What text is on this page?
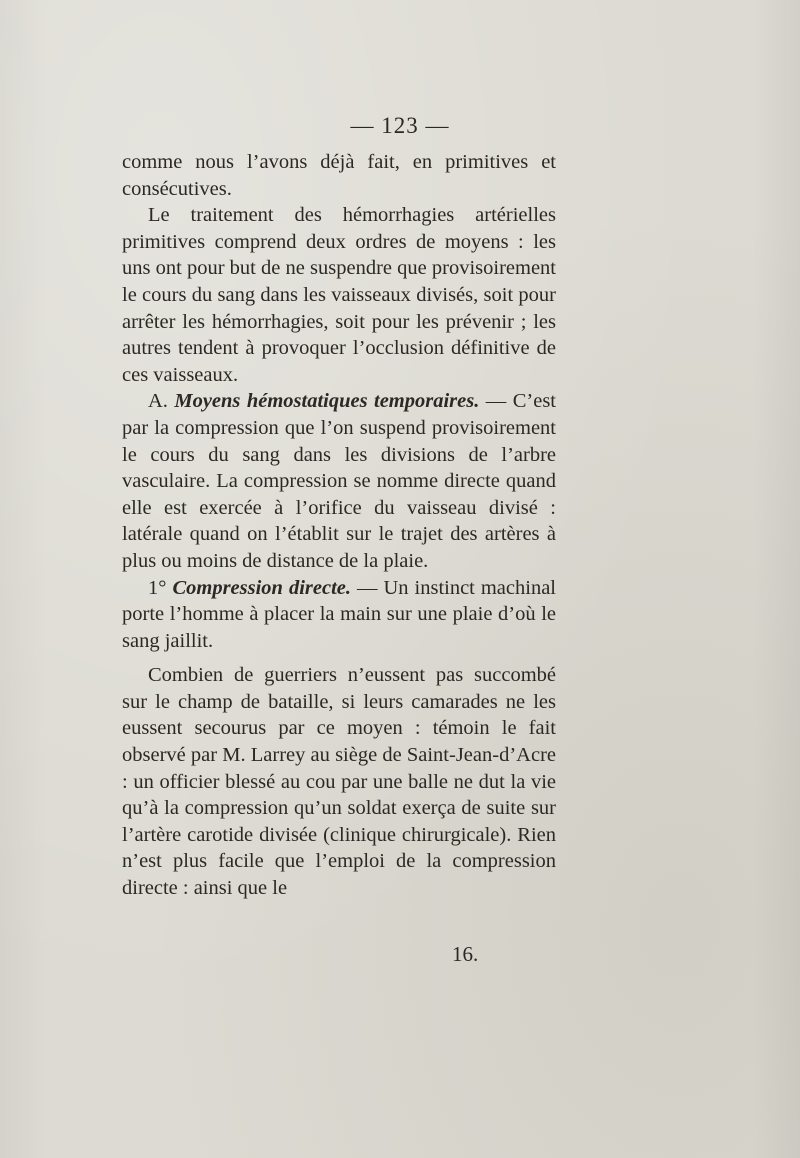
— 123 —

comme nous l’avons déjà fait, en primitives et consécutives.

Le traitement des hémorrhagies artérielles primitives comprend deux ordres de moyens : les uns ont pour but de ne suspendre que provisoirement le cours du sang dans les vaisseaux divisés, soit pour arrêter les hémorrhagies, soit pour les prévenir ; les autres tendent à provoquer l’occlusion définitive de ces vaisseaux.

A. Moyens hémostatiques temporaires. — C’est par la compression que l’on suspend provisoirement le cours du sang dans les divisions de l’arbre vasculaire. La compression se nomme directe quand elle est exercée à l’orifice du vaisseau divisé : latérale quand on l’établit sur le trajet des artères à plus ou moins de distance de la plaie.

1° Compression directe. — Un instinct machinal porte l’homme à placer la main sur une plaie d’où le sang jaillit.

Combien de guerriers n’eussent pas succombé sur le champ de bataille, si leurs camarades ne les eussent secourus par ce moyen : témoin le fait observé par M. Larrey au siège de Saint-Jean-d’Acre : un officier blessé au cou par une balle ne dut la vie qu’à la compression qu’un soldat exerça de suite sur l’artère carotide divisée (clinique chirurgicale). Rien n’est plus facile que l’emploi de la compression directe : ainsi que le

16.
